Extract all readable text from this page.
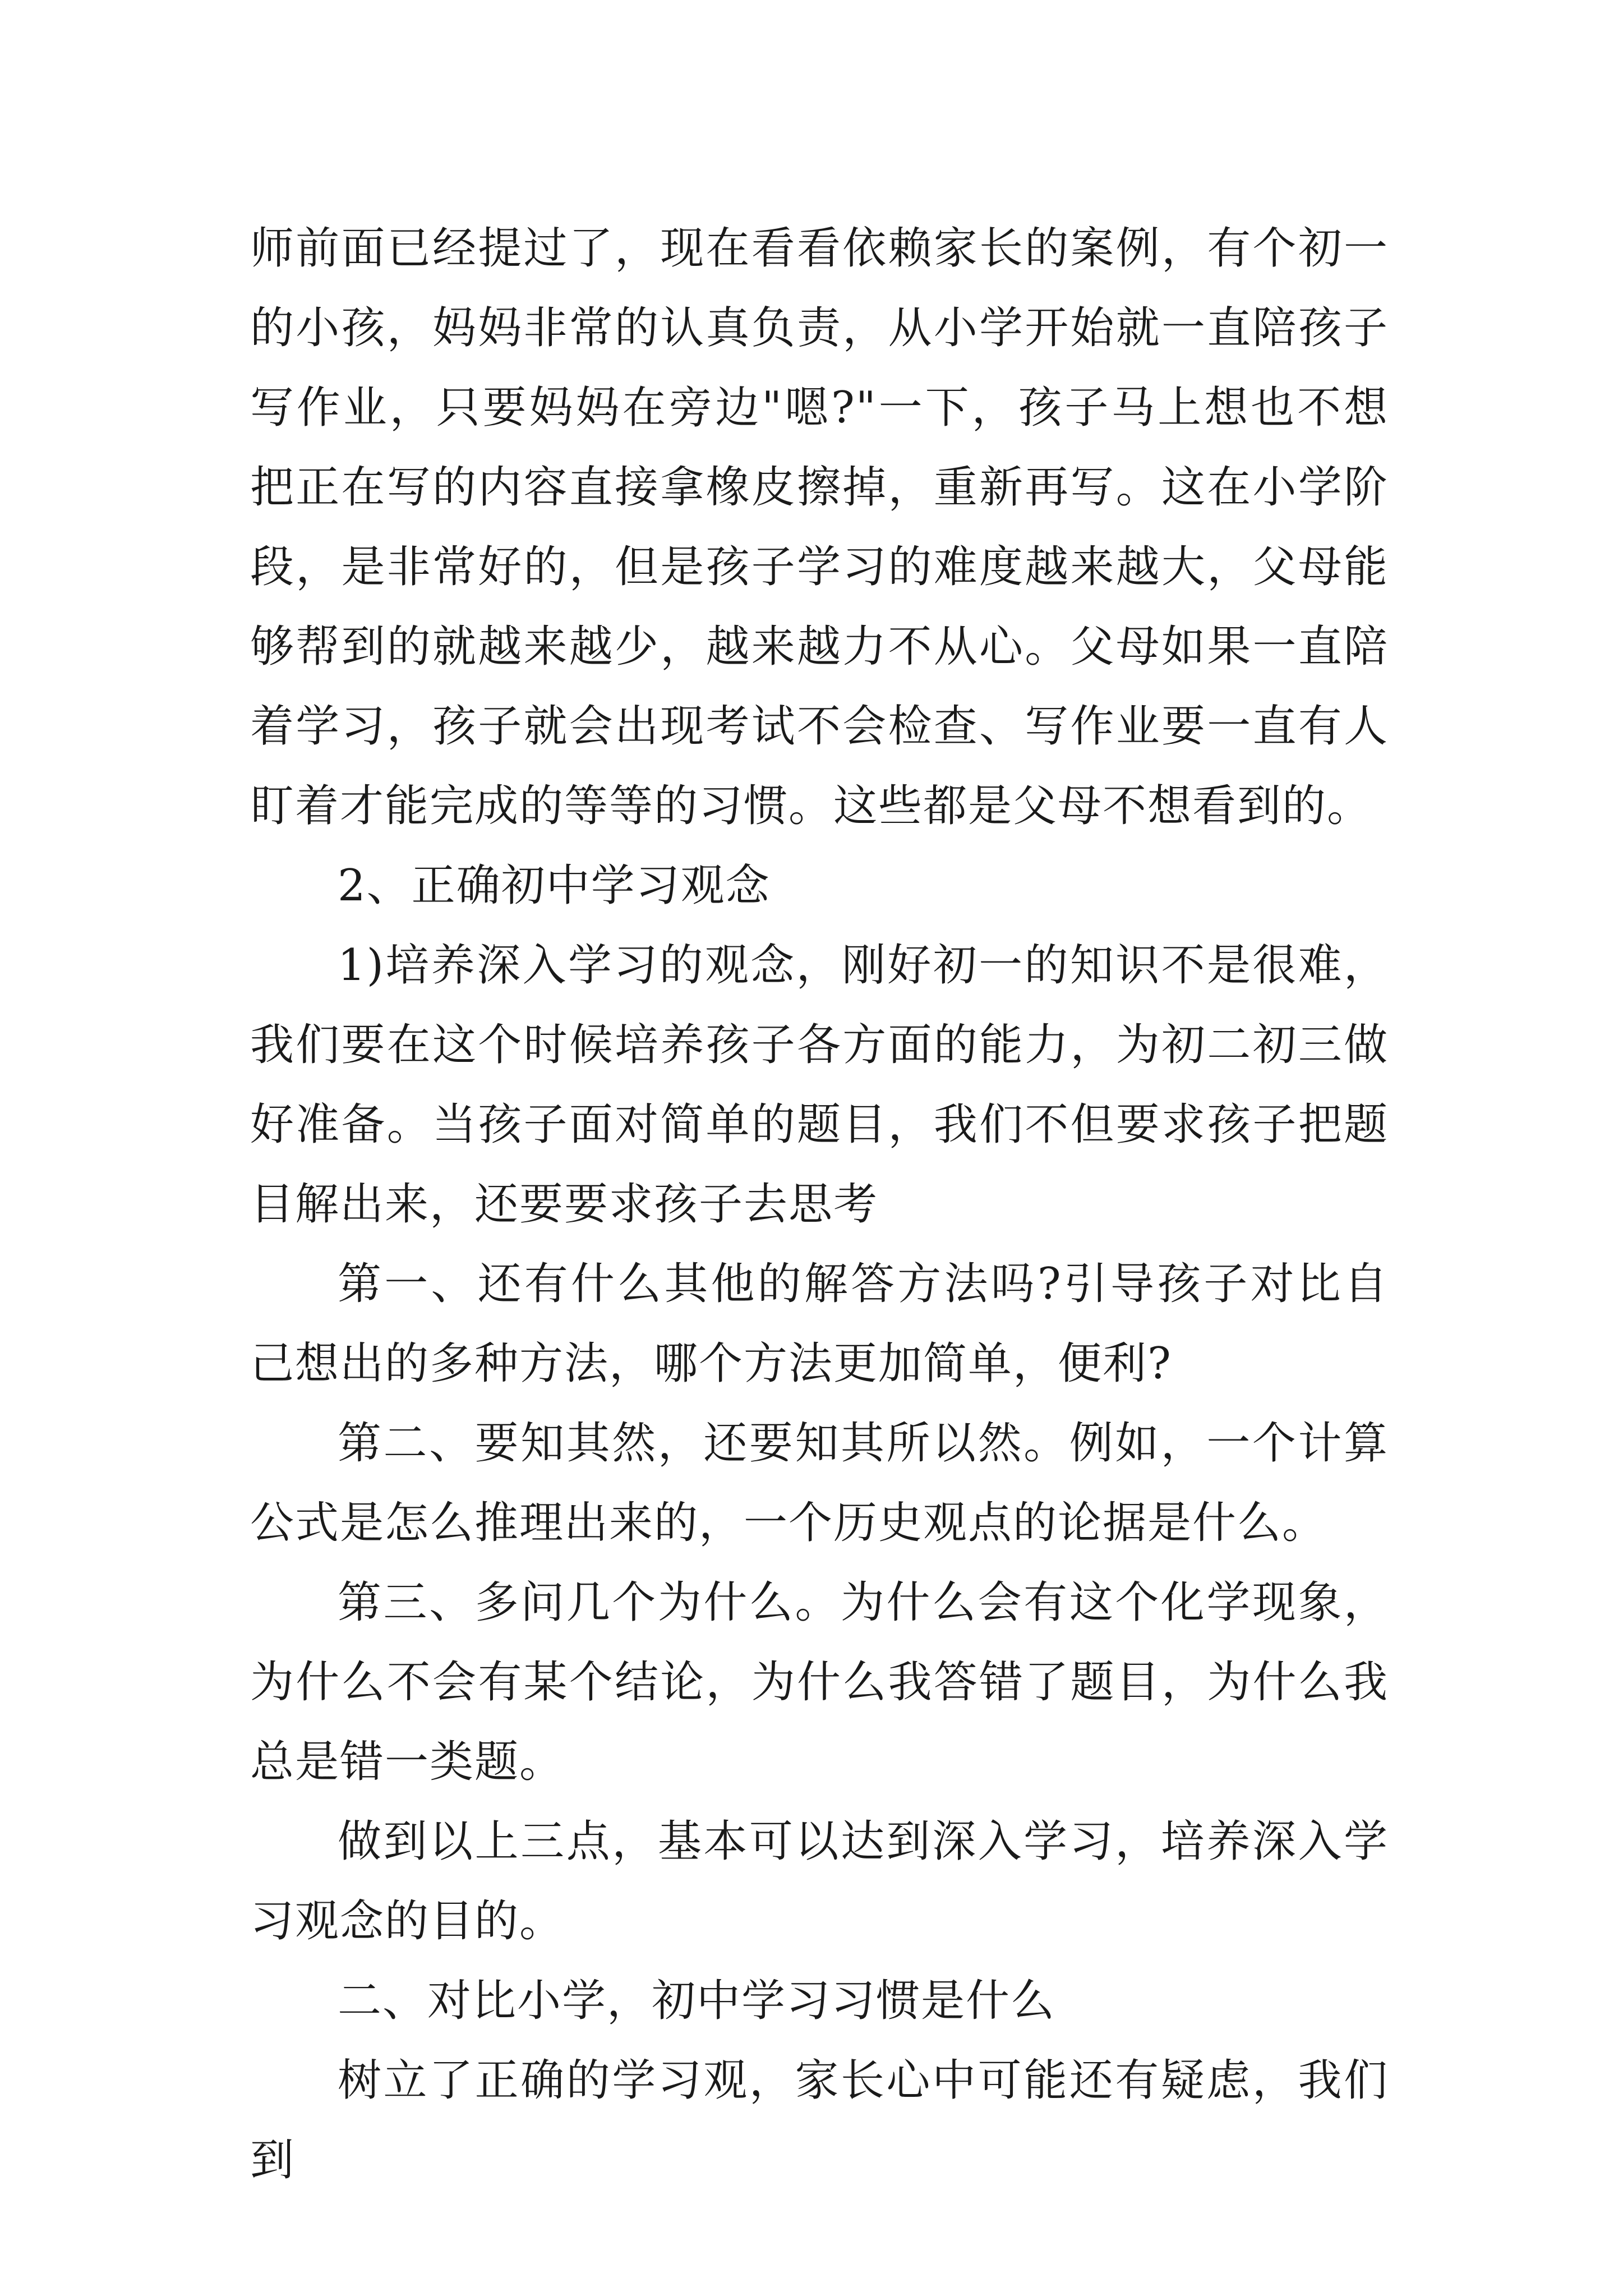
师前面已经提过了，现在看看依赖家长的案例，有个初一的小孩，妈妈非常的认真负责，从小学开始就一直陪孩子写作业，只要妈妈在旁边"嗯?"一下，孩子马上想也不想把正在写的内容直接拿橡皮擦掉，重新再写。这在小学阶段，是非常好的，但是孩子学习的难度越来越大，父母能够帮到的就越来越少，越来越力不从心。父母如果一直陪着学习，孩子就会出现考试不会检查、写作业要一直有人盯着才能完成的等等的习惯。这些都是父母不想看到的。

2、正确初中学习观念

1)培养深入学习的观念，刚好初一的知识不是很难，我们要在这个时候培养孩子各方面的能力，为初二初三做好准备。当孩子面对简单的题目，我们不但要求孩子把题目解出来，还要要求孩子去思考

第一、还有什么其他的解答方法吗?引导孩子对比自己想出的多种方法，哪个方法更加简单，便利?

第二、要知其然，还要知其所以然。例如，一个计算公式是怎么推理出来的，一个历史观点的论据是什么。

第三、多问几个为什么。为什么会有这个化学现象，为什么不会有某个结论，为什么我答错了题目，为什么我总是错一类题。

做到以上三点，基本可以达到深入学习，培养深入学习观念的目的。

二、对比小学，初中学习习惯是什么

树立了正确的学习观，家长心中可能还有疑虑，我们到
